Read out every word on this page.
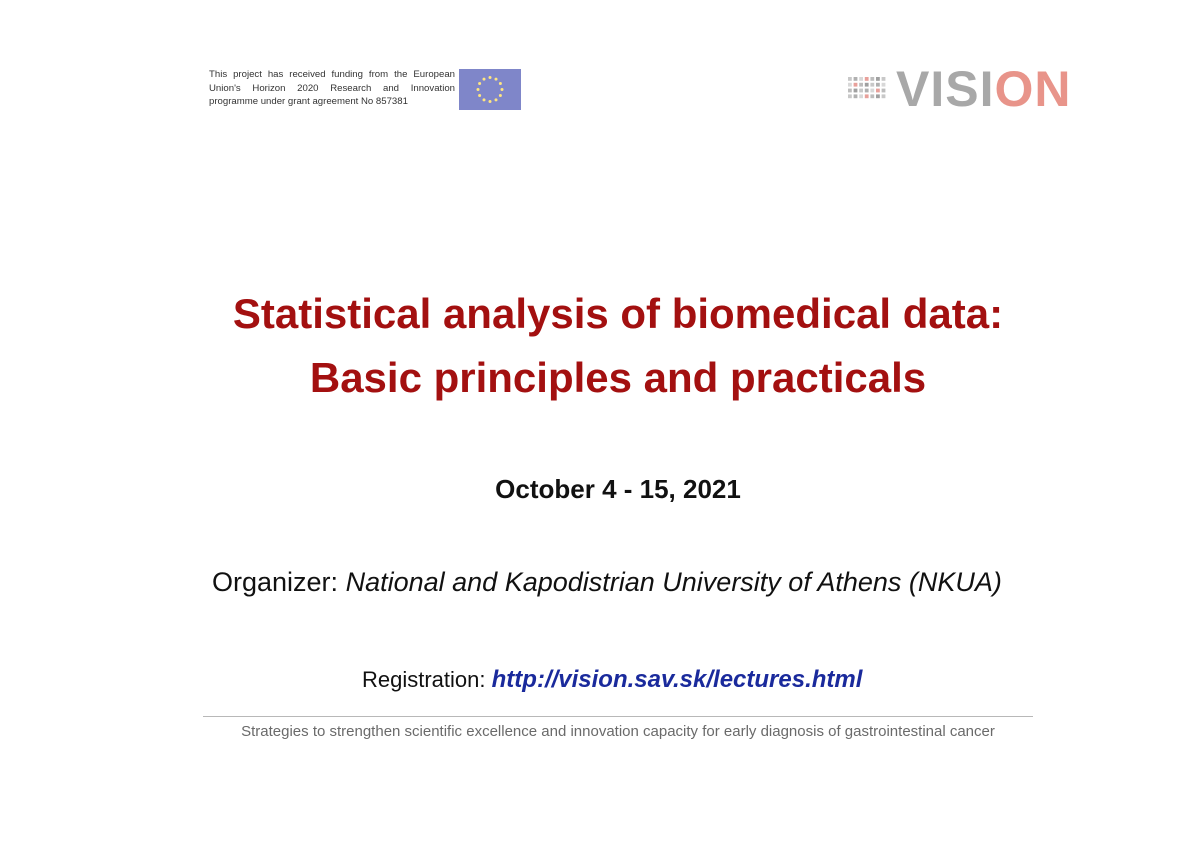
This project has received funding from the European Union's Horizon 2020 Research and Innovation programme under grant agreement No 857381	VISION
Statistical analysis of biomedical data:
Basic principles and practicals
October 4 - 15, 2021
Organizer: National and Kapodistrian University of Athens (NKUA)
Registration: http://vision.sav.sk/lectures.html
Strategies to strengthen scientific excellence and innovation capacity for early diagnosis of gastrointestinal cancer
